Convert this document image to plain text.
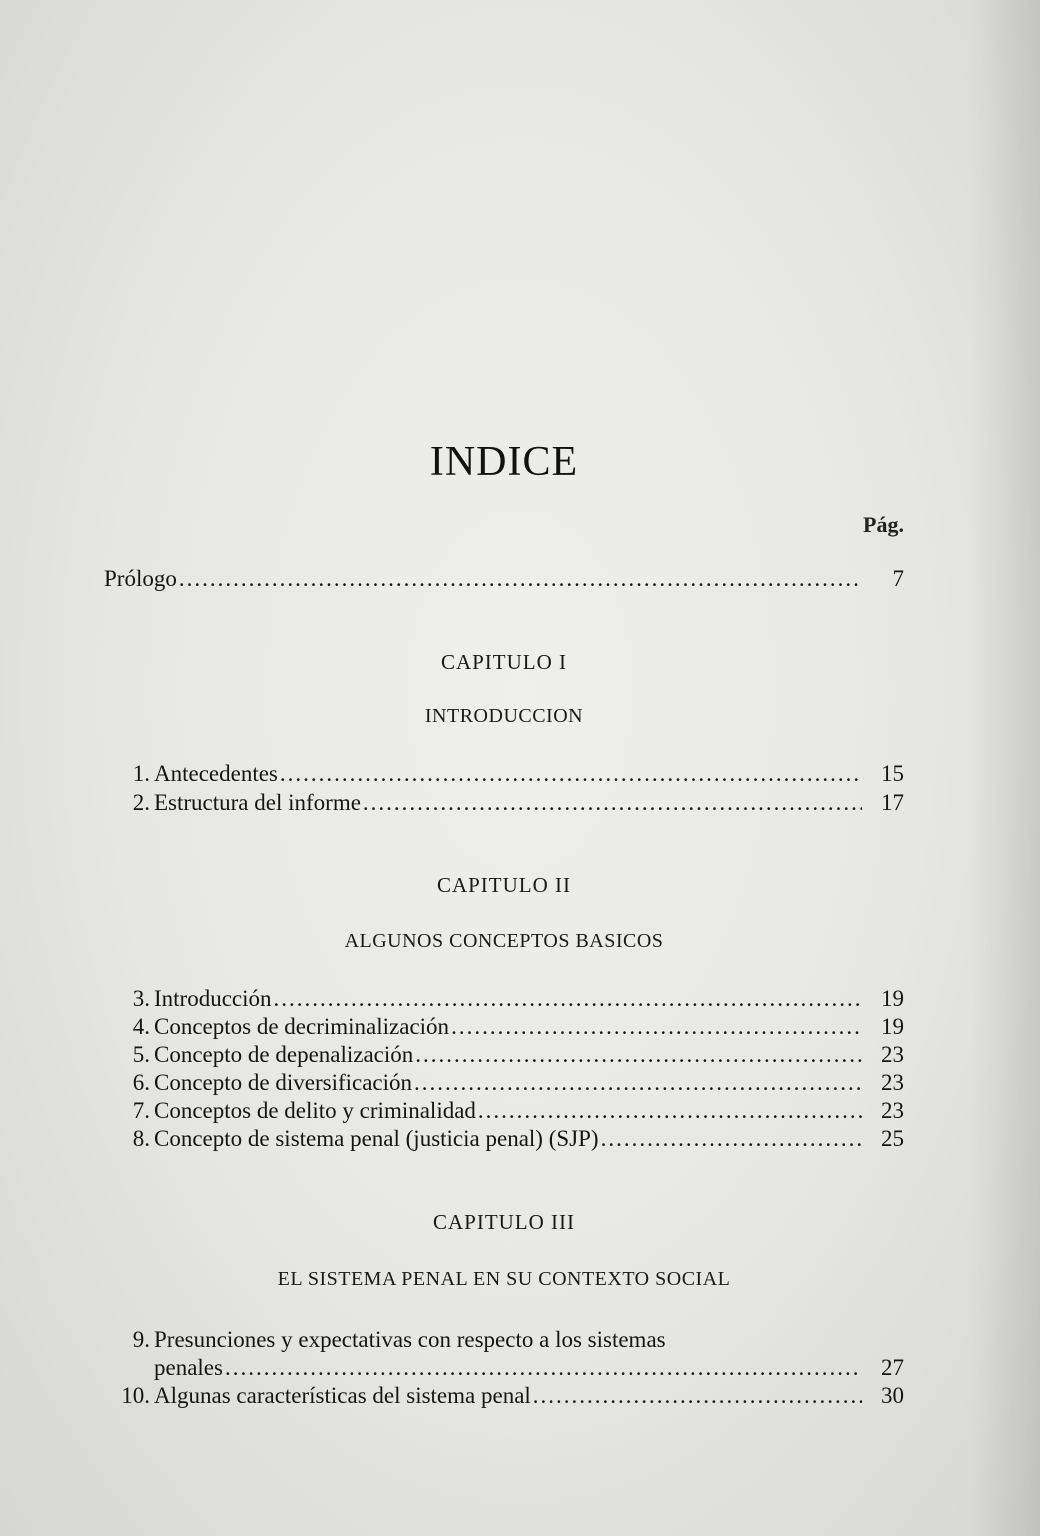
INDICE
Pág.
Prólogo .....	7
CAPITULO I
INTRODUCCION
1. Antecedentes .....	15
2. Estructura del informe .....	17
CAPITULO II
ALGUNOS CONCEPTOS BASICOS
3. Introducción .....	19
4. Conceptos de decriminalización .....	19
5. Concepto de depenalización .....	23
6. Concepto de diversificación .....	23
7. Conceptos de delito y criminalidad .....	23
8. Concepto de sistema penal (justicia penal) (SJP) .....	25
CAPITULO III
EL SISTEMA PENAL EN SU CONTEXTO SOCIAL
9. Presunciones y expectativas con respecto a los sistemas
penales .....	27
10. Algunas características del sistema penal .....	30
